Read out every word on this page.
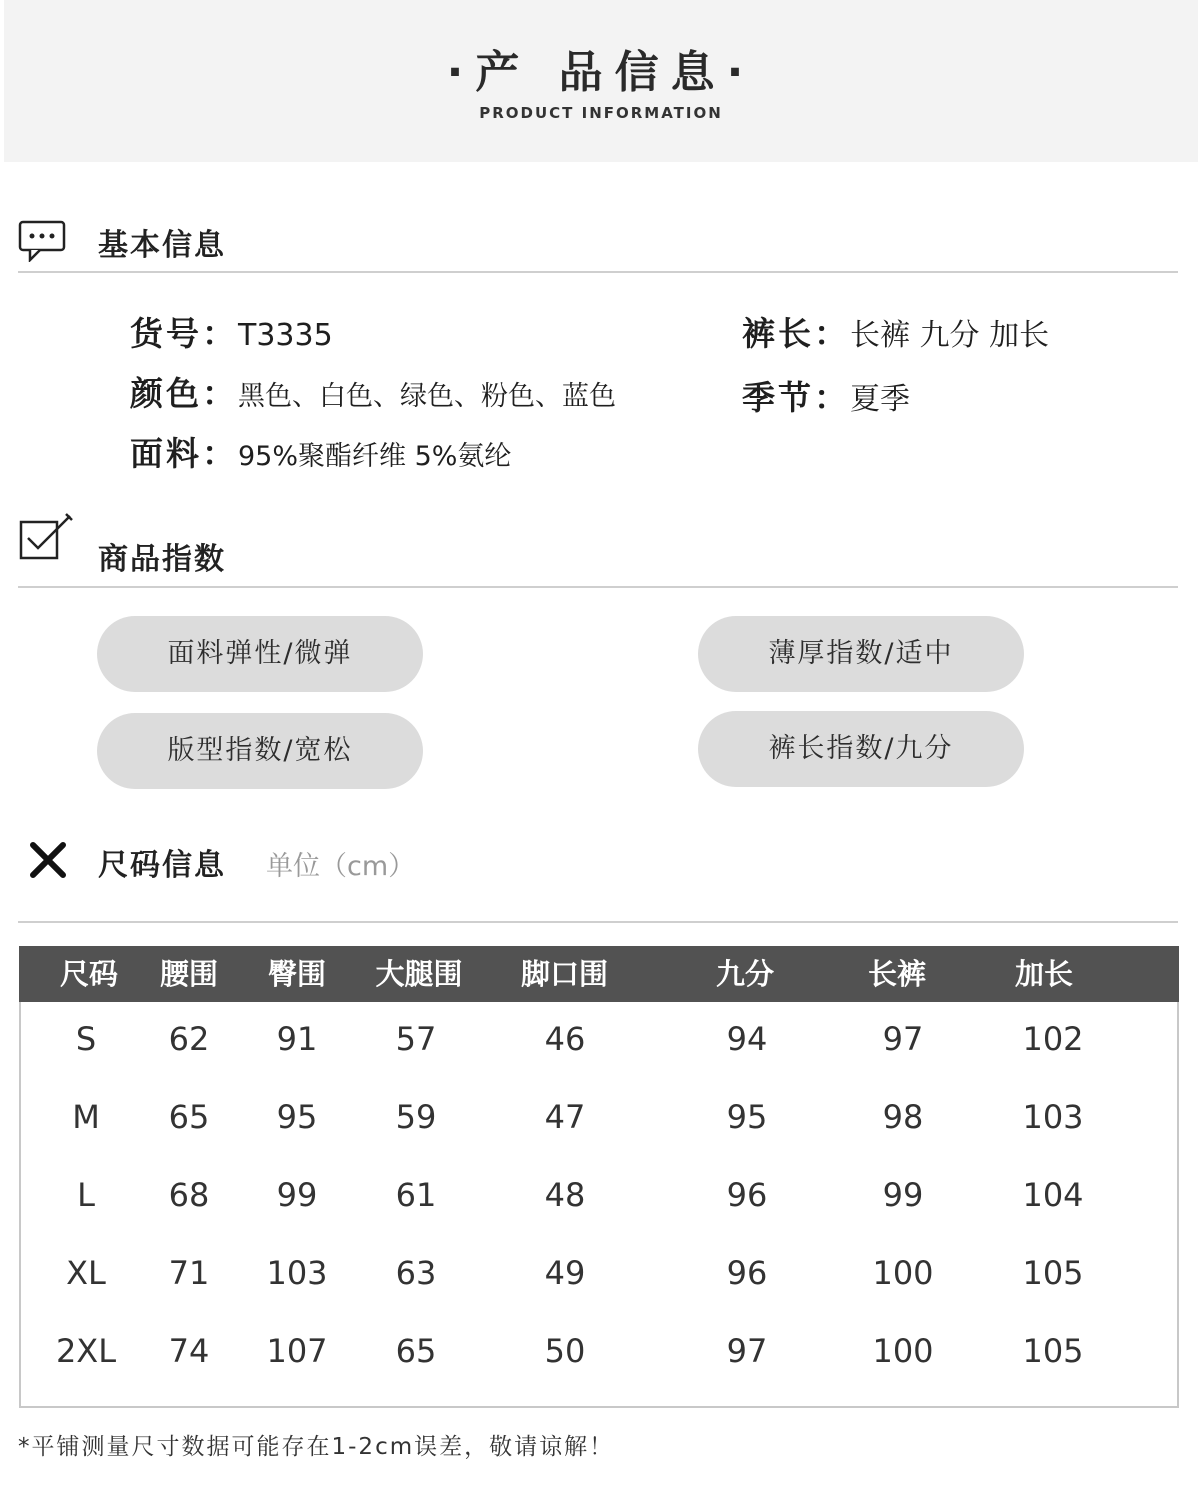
·产 品信息·
PRODUCT INFORMATION
基本信息
货号：T3335
颜色：黑色、白色、绿色、粉色、蓝色
面料：95%聚酯纤维 5%氨纶
裤长：长裤 九分 加长
季节：夏季
商品指数
面料弹性/微弹	薄厚指数/适中
版型指数/宽松	裤长指数/九分
尺码信息 单位（cm）
尺码	腰围	臀围	大腿围	脚口围	九分	长裤	加长
S	62	91	57	46	94	97	102
M	65	95	59	47	95	98	103
L	68	99	61	48	96	99	104
XL	71	103	63	49	96	100	105
2XL	74	107	65	50	97	100	105
*平铺测量尺寸数据可能存在1-2cm误差，敬请谅解！
